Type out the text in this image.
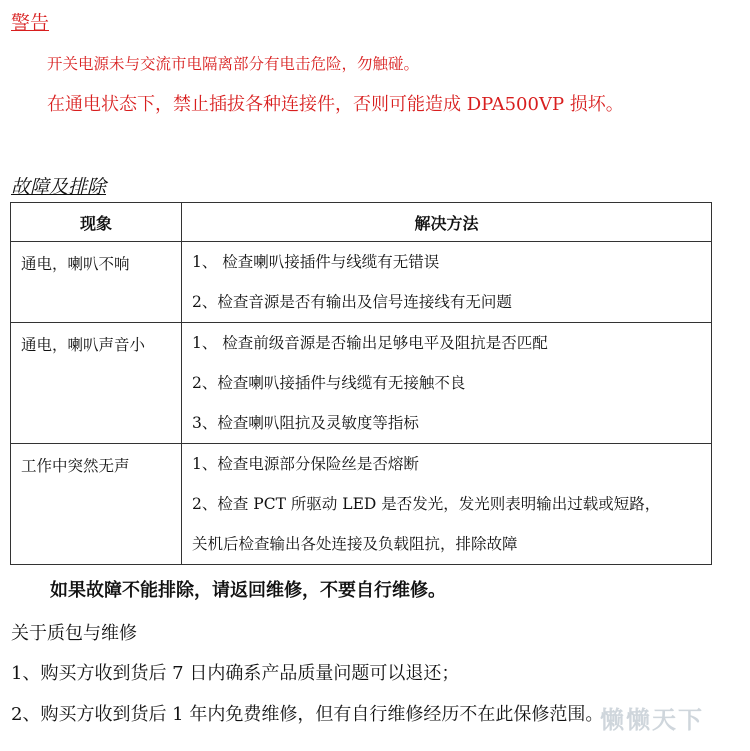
警告

开关电源未与交流市电隔离部分有电击危险，勿触碰。

在通电状态下，禁止插拔各种连接件，否则可能造成 DPA500VP 损坏。

故障及排除

现象	解决方法
通电，喇叭不响	1、 检查喇叭接插件与线缆有无错误
2、检查音源是否有输出及信号连接线有无问题

通电，喇叭声音小	1、 检查前级音源是否输出足够电平及阻抗是否匹配
2、检查喇叭接插件与线缆有无接触不良
3、检查喇叭阻抗及灵敏度等指标

工作中突然无声	1、检查电源部分保险丝是否熔断
2、检查 PCT 所驱动 LED 是否发光，发光则表明输出过载或短路，
关机后检查输出各处连接及负载阻抗，排除故障

如果故障不能排除，请返回维修，不要自行维修。

关于质包与维修

1、购买方收到货后 7 日内确系产品质量问题可以退还；

2、购买方收到货后 1 年内免费维修，但有自行维修经历不在此保修范围。

懒懒天下
